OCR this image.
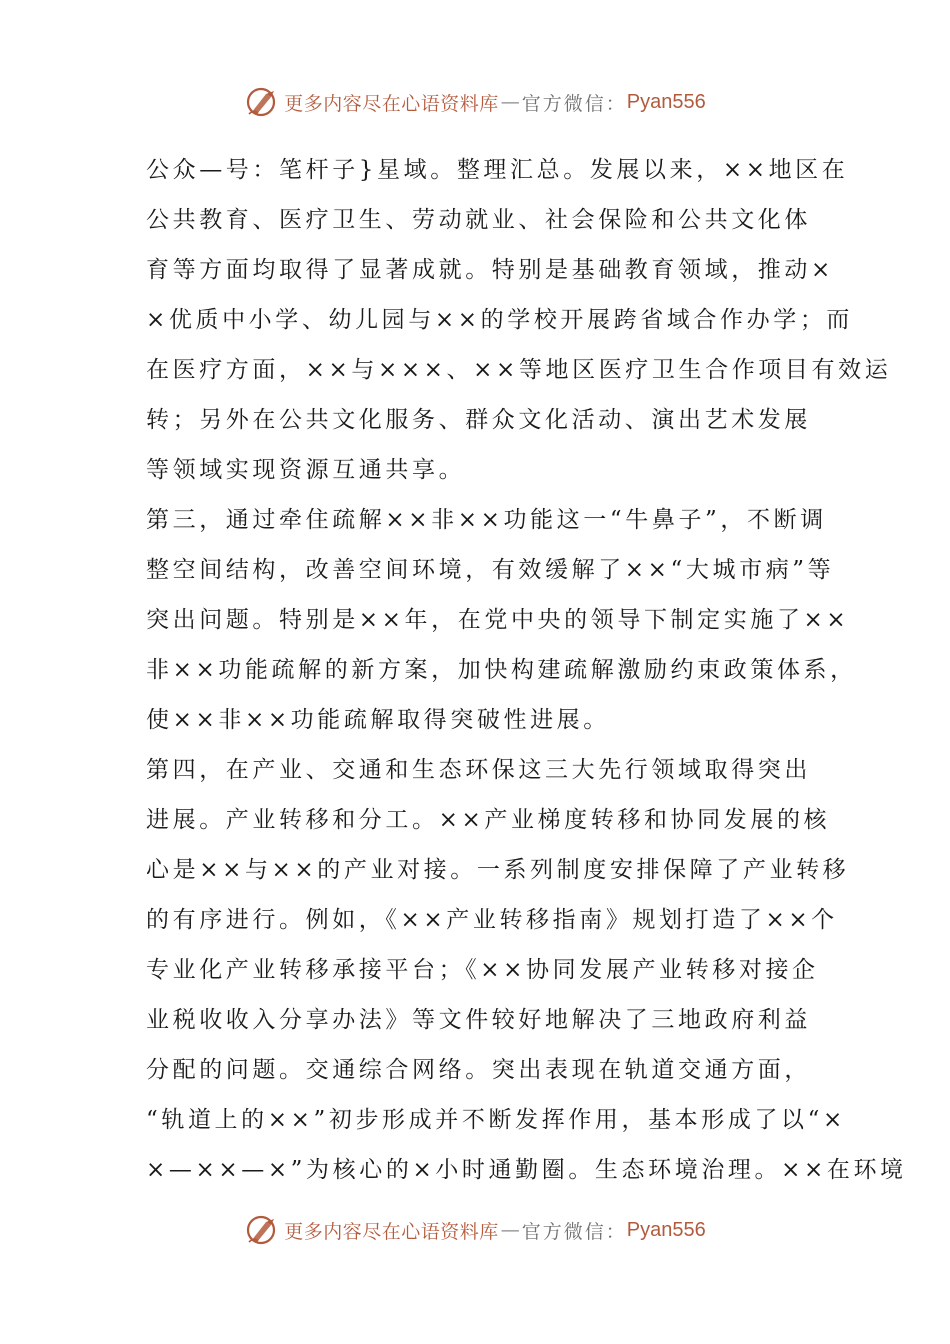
更多内容尽在心语资料库 — 官方微信： Pyan556
公众—号：笔杆子}星域。整理汇总。发展以来，××地区在
公共教育、医疗卫生、劳动就业、社会保险和公共文化体
育等方面均取得了显著成就。特别是基础教育领域，推动×
×优质中小学、幼儿园与××的学校开展跨省域合作办学；而
在医疗方面，××与×××、××等地区医疗卫生合作项目有效运
转；另外在公共文化服务、群众文化活动、演出艺术发展
等领域实现资源互通共享。
第三，通过牵住疏解××非××功能这一“牛鼻子”，不断调
整空间结构，改善空间环境，有效缓解了××“大城市病”等
突出问题。特别是××年，在党中央的领导下制定实施了××
非××功能疏解的新方案，加快构建疏解激励约束政策体系，
使××非××功能疏解取得突破性进展。
第四，在产业、交通和生态环保这三大先行领域取得突出
进展。产业转移和分工。××产业梯度转移和协同发展的核
心是××与××的产业对接。一系列制度安排保障了产业转移
的有序进行。例如，《××产业转移指南》规划打造了××个
专业化产业转移承接平台；《××协同发展产业转移对接企
业税收收入分享办法》等文件较好地解决了三地政府利益
分配的问题。交通综合网络。突出表现在轨道交通方面，
“轨道上的××”初步形成并不断发挥作用，基本形成了以“×
×—××—×”为核心的×小时通勤圈。生态环境治理。××在环境
更多内容尽在心语资料库 — 官方微信： Pyan556
